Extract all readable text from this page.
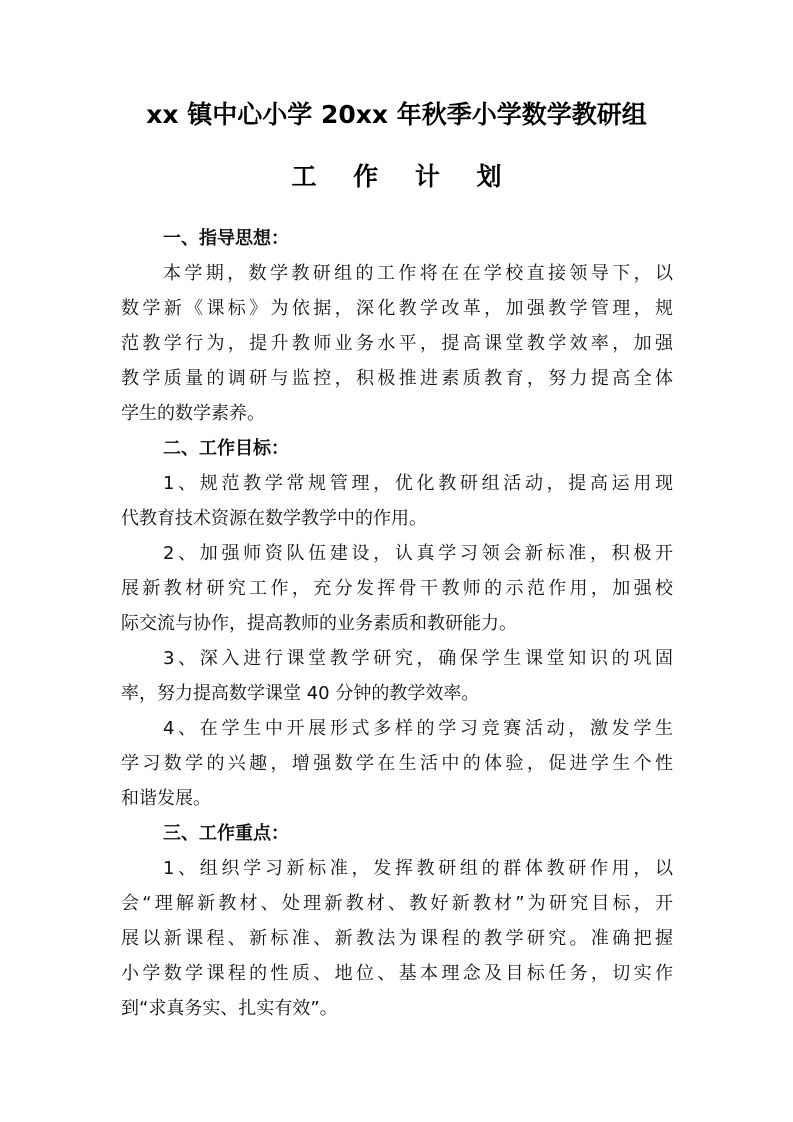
xx 镇中心小学 20xx 年秋季小学数学教研组
工 作 计 划
一、指导思想：
本学期，数学教研组的工作将在在学校直接领导下，以
数学新《课标》为依据，深化教学改革，加强教学管理，规
范教学行为，提升教师业务水平，提高课堂教学效率，加强
教学质量的调研与监控，积极推进素质教育，努力提高全体
学生的数学素养。
二、工作目标：
1、规范教学常规管理，优化教研组活动，提高运用现
代教育技术资源在数学教学中的作用。
2、加强师资队伍建设，认真学习领会新标准，积极开
展新教材研究工作，充分发挥骨干教师的示范作用，加强校
际交流与协作，提高教师的业务素质和教研能力。
3、深入进行课堂教学研究，确保学生课堂知识的巩固
率，努力提高数学课堂 40 分钟的教学效率。
4、在学生中开展形式多样的学习竞赛活动，激发学生
学习数学的兴趣，增强数学在生活中的体验，促进学生个性
和谐发展。
三、工作重点：
1、组织学习新标准，发挥教研组的群体教研作用，以
会“理解新教材、处理新教材、教好新教材”为研究目标，开
展以新课程、新标准、新教法为课程的教学研究。准确把握
小学数学课程的性质、地位、基本理念及目标任务，切实作
到“求真务实、扎实有效”。
